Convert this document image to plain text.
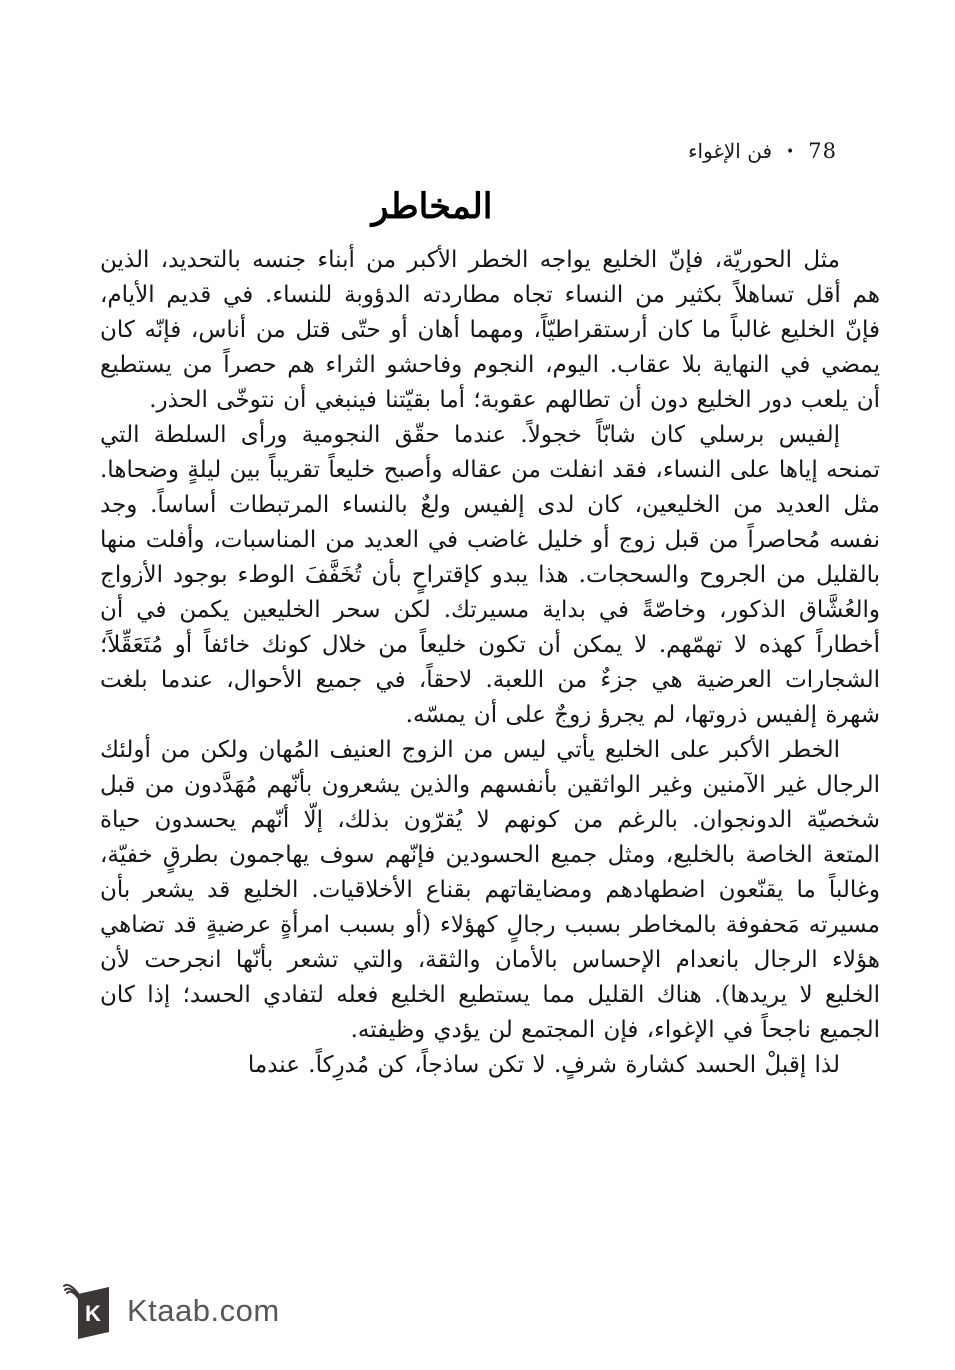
فن الإغواء • 78
المخاطر

مثل الحوريّة، فإنّ الخليع يواجه الخطر الأكبر من أبناء جنسه بالتحديد، الذين هم أقل تساهلاً بكثير من النساء تجاه مطاردته الدؤوبة للنساء. في قديم الأيام، فإنّ الخليع غالباً ما كان أرستقراطيّاً، ومهما أهان أو حتّى قتل من أناس، فإنّه كان يمضي في النهاية بلا عقاب. اليوم، النجوم وفاحشو الثراء هم حصراً من يستطيع أن يلعب دور الخليع دون أن تطالهم عقوبة؛ أما بقيّتنا فينبغي أن نتوخّى الحذر.

إلفيس برسلي كان شابّاً خجولاً. عندما حقّق النجومية ورأى السلطة التي تمنحه إياها على النساء، فقد انفلت من عقاله وأصبح خليعاً تقريباً بين ليلةٍ وضحاها. مثل العديد من الخليعين، كان لدى إلفيس ولعٌ بالنساء المرتبطات أساساً. وجد نفسه مُحاصراً من قبل زوج أو خليل غاضب في العديد من المناسبات، وأفلت منها بالقليل من الجروح والسحجات. هذا يبدو كإقتراحٍ بأن تُخَفَّفَ الوطء بوجود الأزواج والعُشَّاق الذكور، وخاصّةً في بداية مسيرتك. لكن سحر الخليعين يكمن في أن أخطاراً كهذه لا تهمّهم. لا يمكن أن تكون خليعاً من خلال كونك خائفاً أو مُتَعَقِّلاً؛ الشجارات العرضية هي جزءٌ من اللعبة. لاحقاً، في جميع الأحوال، عندما بلغت شهرة إلفيس ذروتها، لم يجرؤ زوجٌ على أن يمسّه.

الخطر الأكبر على الخليع يأتي ليس من الزوج العنيف المُهان ولكن من أولئك الرجال غير الآمنين وغير الواثقين بأنفسهم والذين يشعرون بأنّهم مُهَدَّدون من قبل شخصيّة الدونجوان. بالرغم من كونهم لا يُقرّون بذلك، إلّا أنّهم يحسدون حياة المتعة الخاصة بالخليع، ومثل جميع الحسودين فإنّهم سوف يهاجمون بطرقٍ خفيّة، وغالباً ما يقنّعون اضطهادهم ومضايقاتهم بقناع الأخلاقيات. الخليع قد يشعر بأن مسيرته مَحفوفة بالمخاطر بسبب رجالٍ كهؤلاء (أو بسبب امرأةٍ عرضيةٍ قد تضاهي هؤلاء الرجال بانعدام الإحساس بالأمان والثقة، والتي تشعر بأنّها انجرحت لأن الخليع لا يريدها). هناك القليل مما يستطيع الخليع فعله لتفادي الحسد؛ إذا كان الجميع ناجحاً في الإغواء، فإن المجتمع لن يؤدي وظيفته.

لذا إقبلْ الحسد كشارة شرفٍ. لا تكن ساذجاً، كن مُدرِكاً. عندما

K Ktaab.com
